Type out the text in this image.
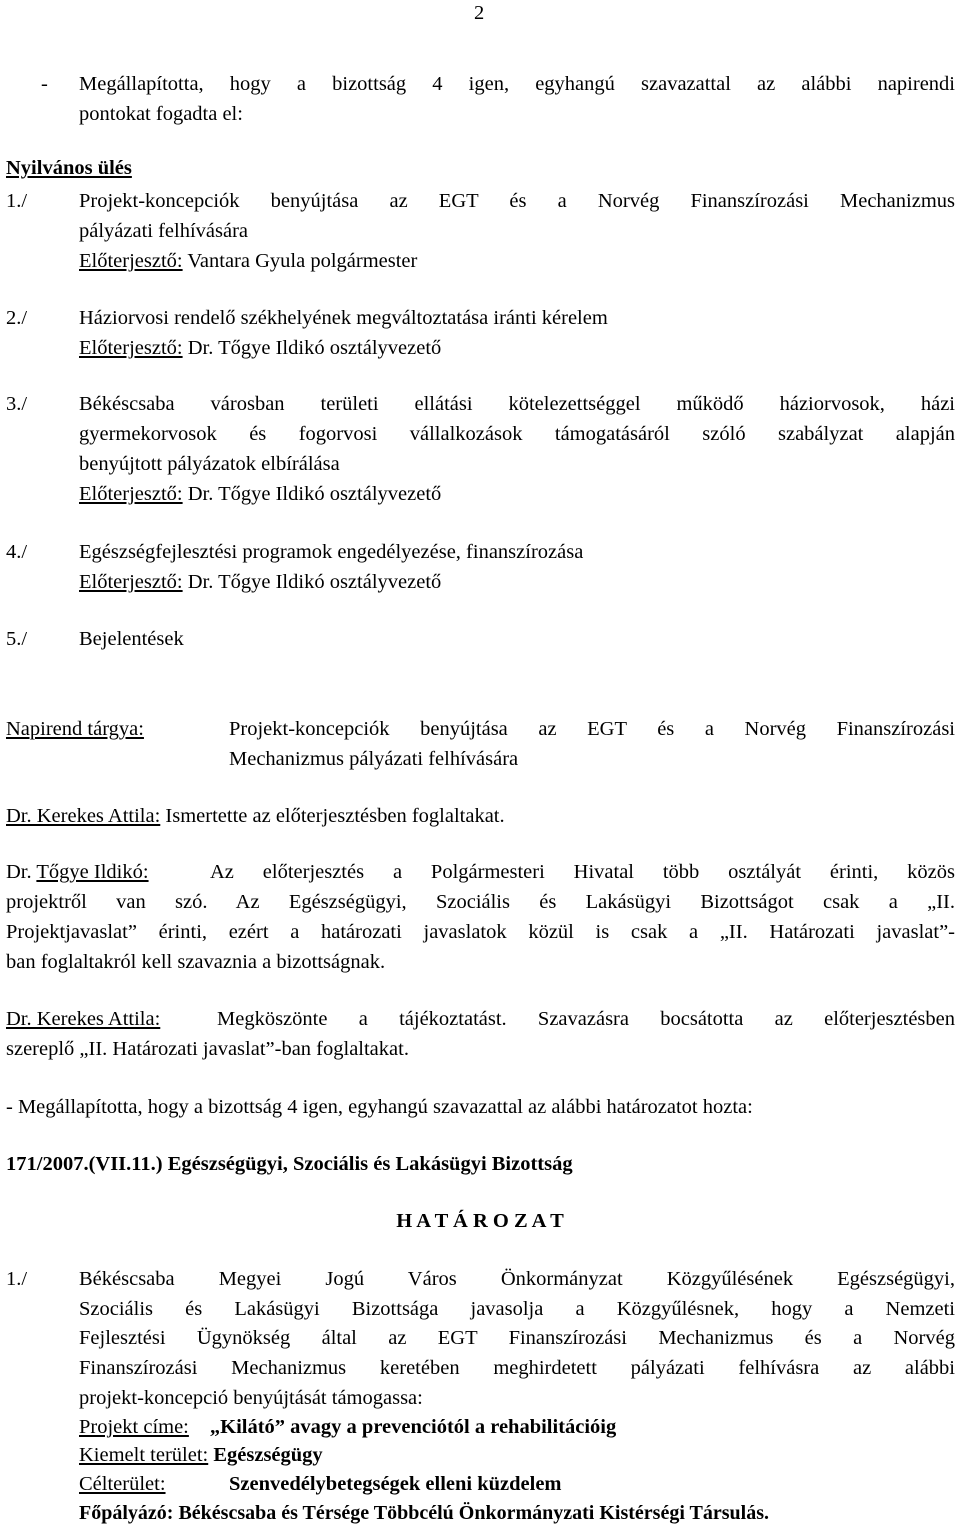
2
- Megállapította, hogy a bizottság 4 igen, egyhangú szavazattal az alábbi napirendi
pontokat fogadta el:
Nyilvános ülés
1./	Projekt-koncepciók benyújtása az EGT és a Norvég Finanszírozási Mechanizmus
pályázati felhívására
Előterjesztő: Vantara Gyula polgármester
2./	Háziorvosi rendelő székhelyének megváltoztatása iránti kérelem
Előterjesztő: Dr. Tőgye Ildikó osztályvezető
3./	Békéscsaba városban területi ellátási kötelezettséggel működő háziorvosok, házi
gyermekorvosok és fogorvosi vállalkozások támogatásáról szóló szabályzat alapján
benyújtott pályázatok elbírálása
Előterjesztő: Dr. Tőgye Ildikó osztályvezető
4./	Egészségfejlesztési programok engedélyezése, finanszírozása
Előterjesztő: Dr. Tőgye Ildikó osztályvezető
5./	Bejelentések
Napirend tárgya:	Projekt-koncepciók benyújtása az EGT és a Norvég Finanszírozási
Mechanizmus pályázati felhívására
Dr. Kerekes Attila: Ismertette az előterjesztésben foglaltakat.
Dr. Tőgye Ildikó:	Az előterjesztés a Polgármesteri Hivatal több osztályát érinti, közös
projektről van szó. Az Egészségügyi, Szociális és Lakásügyi Bizottságot csak a „II.
Projektjavaslat” érinti, ezért a határozati javaslatok közül is csak a „II. Határozati javaslat”-
ban foglaltakról kell szavaznia a bizottságnak.
Dr. Kerekes Attila:	Megköszönte a tájékoztatást. Szavazásra bocsátotta az előterjesztésben
szereplő „II. Határozati javaslat”-ban foglaltakat.
- Megállapította, hogy a bizottság 4 igen, egyhangú szavazattal az alábbi határozatot hozta:
171/2007.(VII.11.) Egészségügyi, Szociális és Lakásügyi Bizottság
H A T Á R O Z A T
1./	Békéscsaba Megyei Jogú Város Önkormányzat Közgyűlésének Egészségügyi,
Szociális és Lakásügyi Bizottsága javasolja a Közgyűlésnek, hogy a Nemzeti
Fejlesztési Ügynökség által az EGT Finanszírozási Mechanizmus és a Norvég
Finanszírozási Mechanizmus keretében meghirdetett pályázati felhívásra az alábbi
projekt-koncepció benyújtását támogassa:
Projekt címe: „Kilátó” avagy a prevenciótól a rehabilitációig
Kiemelt terület: Egészségügy
Célterület:	Szenvedélybetegségek elleni küzdelem
Főpályázó: Békéscsaba és Térsége Többcélú Önkormányzati Kistérségi Társulás.
